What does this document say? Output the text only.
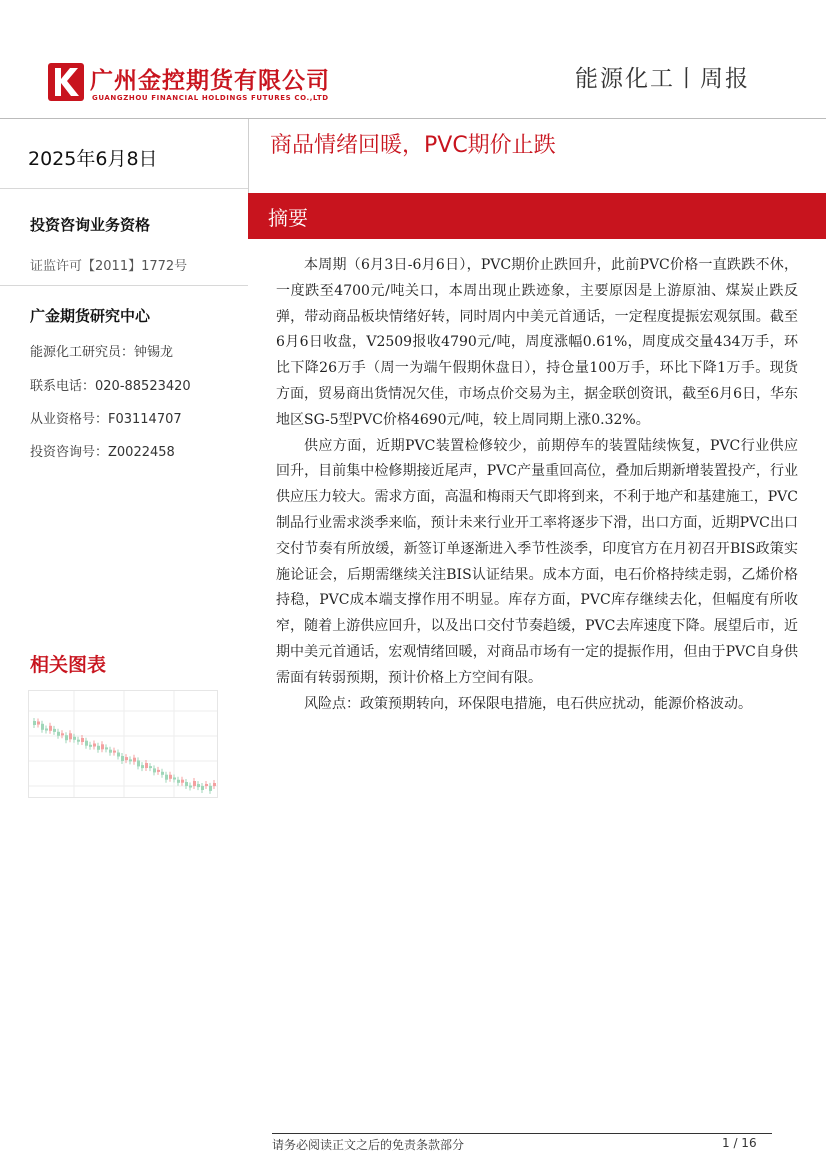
广州金控期货有限公司
GUANGZHOU FINANCIAL HOLDINGS FUTURES CO.,LTD
能源化工丨周报
2025年6月8日
投资咨询业务资格
证监许可【2011】1772号
广金期货研究中心
能源化工研究员：钟锡龙
联系电话：020-88523420
从业资格号：F03114707
投资咨询号：Z0022458
相关图表
商品情绪回暖，PVC期价止跌
摘要

本周期（6月3日-6月6日），PVC期价止跌回升，此前PVC价格一直跌跌不休，一度跌至4700元/吨关口，本周出现止跌迹象，主要原因是上游原油、煤炭止跌反弹，带动商品板块情绪好转，同时周内中美元首通话，一定程度提振宏观氛围。截至6月6日收盘，V2509报收4790元/吨，周度涨幅0.61%，周度成交量434万手，环比下降26万手（周一为端午假期休盘日），持仓量100万手，环比下降1万手。现货方面，贸易商出货情况欠佳，市场点价交易为主，据金联创资讯，截至6月6日，华东地区SG-5型PVC价格4690元/吨，较上周同期上涨0.32%。

供应方面，近期PVC装置检修较少，前期停车的装置陆续恢复，PVC行业供应回升，目前集中检修期接近尾声，PVC产量重回高位，叠加后期新增装置投产，行业供应压力较大。需求方面，高温和梅雨天气即将到来，不利于地产和基建施工，PVC制品行业需求淡季来临，预计未来行业开工率将逐步下滑，出口方面，近期PVC出口交付节奏有所放缓，新签订单逐渐进入季节性淡季，印度官方在月初召开BIS政策实施论证会，后期需继续关注BIS认证结果。成本方面，电石价格持续走弱，乙烯价格持稳，PVC成本端支撑作用不明显。库存方面，PVC库存继续去化，但幅度有所收窄，随着上游供应回升，以及出口交付节奏趋缓，PVC去库速度下降。展望后市，近期中美元首通话，宏观情绪回暖，对商品市场有一定的提振作用，但由于PVC自身供需面有转弱预期，预计价格上方空间有限。

风险点：政策预期转向，环保限电措施，电石供应扰动，能源价格波动。

请务必阅读正文之后的免责条款部分	1 / 16
